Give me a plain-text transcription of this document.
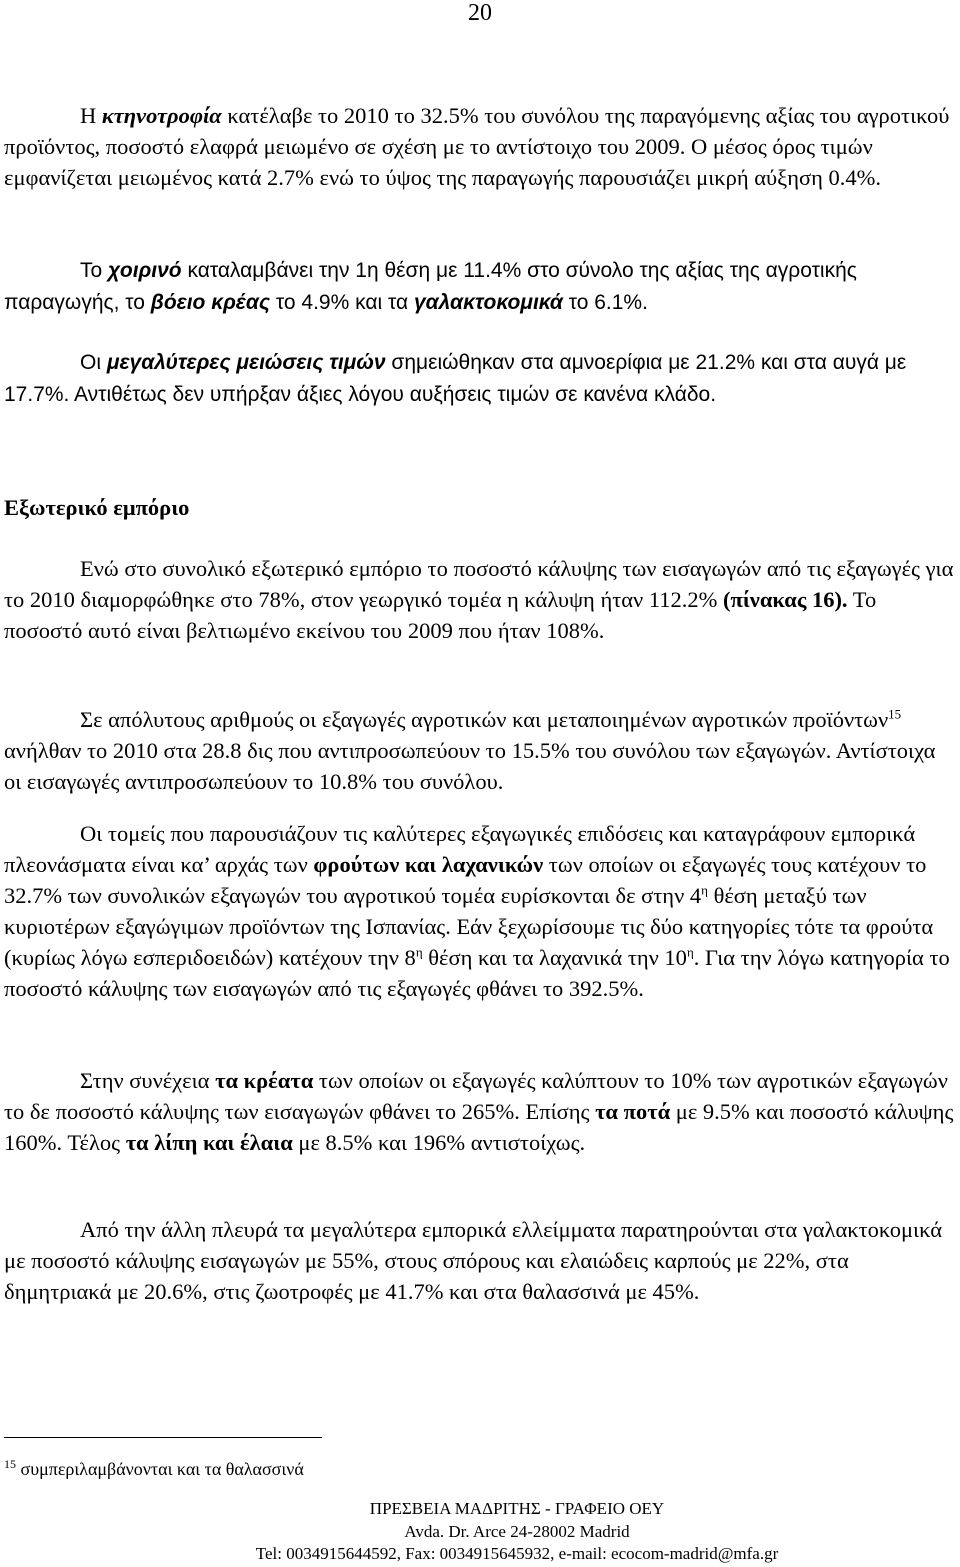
20

Η κτηνοτροφία κατέλαβε το 2010 το 32.5% του συνόλου της παραγόμενης αξίας του αγροτικού προϊόντος, ποσοστό ελαφρά μειωμένο σε σχέση με το αντίστοιχο του 2009. Ο μέσος όρος τιμών εμφανίζεται μειωμένος κατά 2.7% ενώ το ύψος της παραγωγής παρουσιάζει μικρή αύξηση 0.4%.

Το χοιρινό καταλαμβάνει την 1η θέση με 11.4% στο σύνολο της αξίας της αγροτικής παραγωγής, το βόειο κρέας το 4.9% και τα γαλακτοκομικά το 6.1%.

Οι μεγαλύτερες μειώσεις τιμών σημειώθηκαν στα αμνοερίφια με 21.2% και στα αυγά με 17.7%. Αντιθέτως δεν υπήρξαν άξιες λόγου αυξήσεις τιμών σε κανένα κλάδο.

Εξωτερικό εμπόριο

Ενώ στο συνολικό εξωτερικό εμπόριο το ποσοστό κάλυψης των εισαγωγών από τις εξαγωγές για το 2010 διαμορφώθηκε στο 78%, στον γεωργικό τομέα η κάλυψη ήταν 112.2% (πίνακας 16). Το ποσοστό αυτό είναι βελτιωμένο εκείνου του 2009 που ήταν 108%.

Σε απόλυτους αριθμούς οι εξαγωγές αγροτικών και μεταποιημένων αγροτικών προϊόντων$^{15}$ ανήλθαν το 2010 στα 28.8 δις που αντιπροσωπεύουν το 15.5% του συνόλου των εξαγωγών. Αντίστοιχα οι εισαγωγές αντιπροσωπεύουν το 10.8% του συνόλου.

Οι τομείς που παρουσιάζουν τις καλύτερες εξαγωγικές επιδόσεις και καταγράφουν εμπορικά πλεονάσματα είναι κα’ αρχάς των φρούτων και λαχανικών των οποίων οι εξαγωγές τους κατέχουν το 32.7% των συνολικών εξαγωγών του αγροτικού τομέα ευρίσκονται δε στην $4^\eta$ θέση μεταξύ των κυριοτέρων εξαγώγιμων προϊόντων της Ισπανίας. Εάν ξεχωρίσουμε τις δύο κατηγορίες τότε τα φρούτα (κυρίως λόγω εσπεριδοειδών) κατέχουν την $8^\eta$ θέση και τα λαχανικά την $10^\eta$. Για την λόγω κατηγορία το ποσοστό κάλυψης των εισαγωγών από τις εξαγωγές φθάνει το 392.5%.

Στην συνέχεια τα κρέατα των οποίων οι εξαγωγές καλύπτουν το 10% των αγροτικών εξαγωγών το δε ποσοστό κάλυψης των εισαγωγών φθάνει το 265%. Επίσης τα ποτά με 9.5% και ποσοστό κάλυψης 160%. Τέλος τα λίπη και έλαια με 8.5% και 196% αντιστοίχως.

Από την άλλη πλευρά τα μεγαλύτερα εμπορικά ελλείμματα παρατηρούνται στα γαλακτοκομικά με ποσοστό κάλυψης εισαγωγών με 55%, στους σπόρους και ελαιώδεις καρπούς με 22%, στα δημητριακά με 20.6%, στις ζωοτροφές με 41.7% και στα θαλασσινά με 45%.

$^{15}$ συμπεριλαμβάνονται και τα θαλασσινά

ΠΡΕΣΒΕΙΑ ΜΑΔΡΙΤΗΣ - ΓΡΑΦΕΙΟ ΟΕΥ
Avda. Dr. Arce 24-28002 Madrid
Tel: 0034915644592, Fax: 0034915645932, e-mail: ecocom-madrid@mfa.gr
